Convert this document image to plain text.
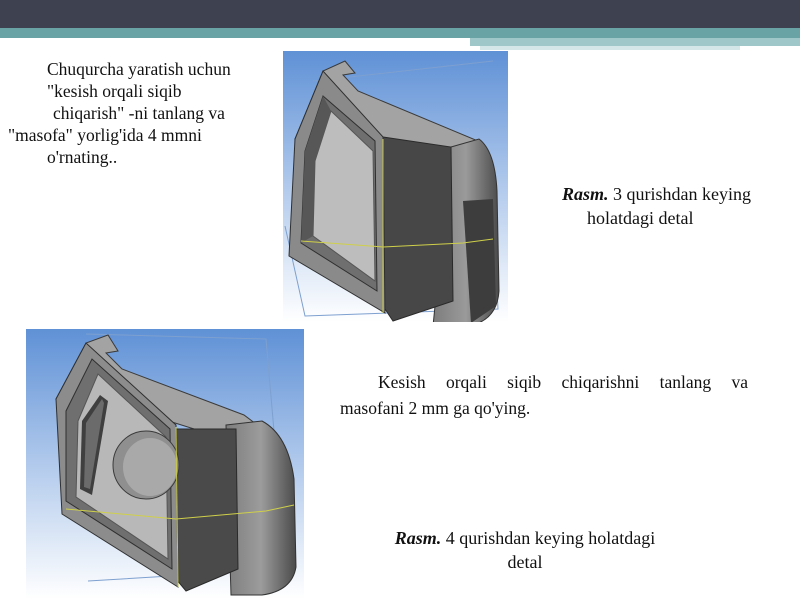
Chuqurcha yaratish uchun
"kesish orqali siqib
chiqarish" -ni tanlang va
"masofa" yorlig'ida 4 mmni
o'rnating..
Rasm. 3 qurishdan keying
holatdagi detal
Kesish orqali siqib chiqarishni tanlang va
masofani 2 mm ga qo'ying.
Rasm. 4 qurishdan keying holatdagi
detal
